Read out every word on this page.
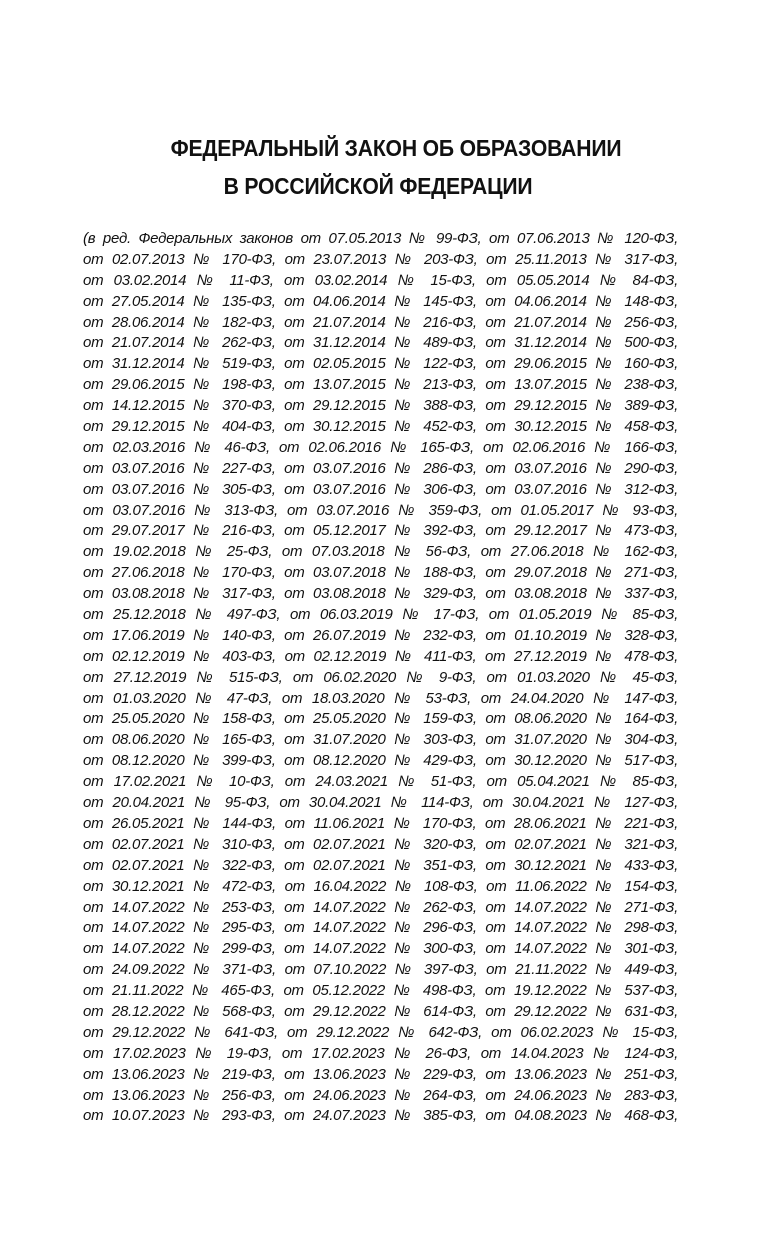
ФЕДЕРАЛЬНЫЙ ЗАКОН ОБ ОБРАЗОВАНИИ
В РОССИЙСКОЙ ФЕДЕРАЦИИ
(в ред. Федеральных законов от 07.05.2013 № 99-ФЗ, от 07.06.2013 № 120-ФЗ,
от 02.07.2013 № 170-ФЗ, от 23.07.2013 № 203-ФЗ, от 25.11.2013 № 317-ФЗ,
от 03.02.2014 № 11-ФЗ, от 03.02.2014 № 15-ФЗ, от 05.05.2014 № 84-ФЗ,
от 27.05.2014 № 135-ФЗ, от 04.06.2014 № 145-ФЗ, от 04.06.2014 № 148-ФЗ,
от 28.06.2014 № 182-ФЗ, от 21.07.2014 № 216-ФЗ, от 21.07.2014 № 256-ФЗ,
от 21.07.2014 № 262-ФЗ, от 31.12.2014 № 489-ФЗ, от 31.12.2014 № 500-ФЗ,
от 31.12.2014 № 519-ФЗ, от 02.05.2015 № 122-ФЗ, от 29.06.2015 № 160-ФЗ,
от 29.06.2015 № 198-ФЗ, от 13.07.2015 № 213-ФЗ, от 13.07.2015 № 238-ФЗ,
от 14.12.2015 № 370-ФЗ, от 29.12.2015 № 388-ФЗ, от 29.12.2015 № 389-ФЗ,
от 29.12.2015 № 404-ФЗ, от 30.12.2015 № 452-ФЗ, от 30.12.2015 № 458-ФЗ,
от 02.03.2016 № 46-ФЗ, от 02.06.2016 № 165-ФЗ, от 02.06.2016 № 166-ФЗ,
от 03.07.2016 № 227-ФЗ, от 03.07.2016 № 286-ФЗ, от 03.07.2016 № 290-ФЗ,
от 03.07.2016 № 305-ФЗ, от 03.07.2016 № 306-ФЗ, от 03.07.2016 № 312-ФЗ,
от 03.07.2016 № 313-ФЗ, от 03.07.2016 № 359-ФЗ, от 01.05.2017 № 93-ФЗ,
от 29.07.2017 № 216-ФЗ, от 05.12.2017 № 392-ФЗ, от 29.12.2017 № 473-ФЗ,
от 19.02.2018 № 25-ФЗ, от 07.03.2018 № 56-ФЗ, от 27.06.2018 № 162-ФЗ,
от 27.06.2018 № 170-ФЗ, от 03.07.2018 № 188-ФЗ, от 29.07.2018 № 271-ФЗ,
от 03.08.2018 № 317-ФЗ, от 03.08.2018 № 329-ФЗ, от 03.08.2018 № 337-ФЗ,
от 25.12.2018 № 497-ФЗ, от 06.03.2019 № 17-ФЗ, от 01.05.2019 № 85-ФЗ,
от 17.06.2019 № 140-ФЗ, от 26.07.2019 № 232-ФЗ, от 01.10.2019 № 328-ФЗ,
от 02.12.2019 № 403-ФЗ, от 02.12.2019 № 411-ФЗ, от 27.12.2019 № 478-ФЗ,
от 27.12.2019 № 515-ФЗ, от 06.02.2020 № 9-ФЗ, от 01.03.2020 № 45-ФЗ,
от 01.03.2020 № 47-ФЗ, от 18.03.2020 № 53-ФЗ, от 24.04.2020 № 147-ФЗ,
от 25.05.2020 № 158-ФЗ, от 25.05.2020 № 159-ФЗ, от 08.06.2020 № 164-ФЗ,
от 08.06.2020 № 165-ФЗ, от 31.07.2020 № 303-ФЗ, от 31.07.2020 № 304-ФЗ,
от 08.12.2020 № 399-ФЗ, от 08.12.2020 № 429-ФЗ, от 30.12.2020 № 517-ФЗ,
от 17.02.2021 № 10-ФЗ, от 24.03.2021 № 51-ФЗ, от 05.04.2021 № 85-ФЗ,
от 20.04.2021 № 95-ФЗ, от 30.04.2021 № 114-ФЗ, от 30.04.2021 № 127-ФЗ,
от 26.05.2021 № 144-ФЗ, от 11.06.2021 № 170-ФЗ, от 28.06.2021 № 221-ФЗ,
от 02.07.2021 № 310-ФЗ, от 02.07.2021 № 320-ФЗ, от 02.07.2021 № 321-ФЗ,
от 02.07.2021 № 322-ФЗ, от 02.07.2021 № 351-ФЗ, от 30.12.2021 № 433-ФЗ,
от 30.12.2021 № 472-ФЗ, от 16.04.2022 № 108-ФЗ, от 11.06.2022 № 154-ФЗ,
от 14.07.2022 № 253-ФЗ, от 14.07.2022 № 262-ФЗ, от 14.07.2022 № 271-ФЗ,
от 14.07.2022 № 295-ФЗ, от 14.07.2022 № 296-ФЗ, от 14.07.2022 № 298-ФЗ,
от 14.07.2022 № 299-ФЗ, от 14.07.2022 № 300-ФЗ, от 14.07.2022 № 301-ФЗ,
от 24.09.2022 № 371-ФЗ, от 07.10.2022 № 397-ФЗ, от 21.11.2022 № 449-ФЗ,
от 21.11.2022 № 465-ФЗ, от 05.12.2022 № 498-ФЗ, от 19.12.2022 № 537-ФЗ,
от 28.12.2022 № 568-ФЗ, от 29.12.2022 № 614-ФЗ, от 29.12.2022 № 631-ФЗ,
от 29.12.2022 № 641-ФЗ, от 29.12.2022 № 642-ФЗ, от 06.02.2023 № 15-ФЗ,
от 17.02.2023 № 19-ФЗ, от 17.02.2023 № 26-ФЗ, от 14.04.2023 № 124-ФЗ,
от 13.06.2023 № 219-ФЗ, от 13.06.2023 № 229-ФЗ, от 13.06.2023 № 251-ФЗ,
от 13.06.2023 № 256-ФЗ, от 24.06.2023 № 264-ФЗ, от 24.06.2023 № 283-ФЗ,
от 10.07.2023 № 293-ФЗ, от 24.07.2023 № 385-ФЗ, от 04.08.2023 № 468-ФЗ,
